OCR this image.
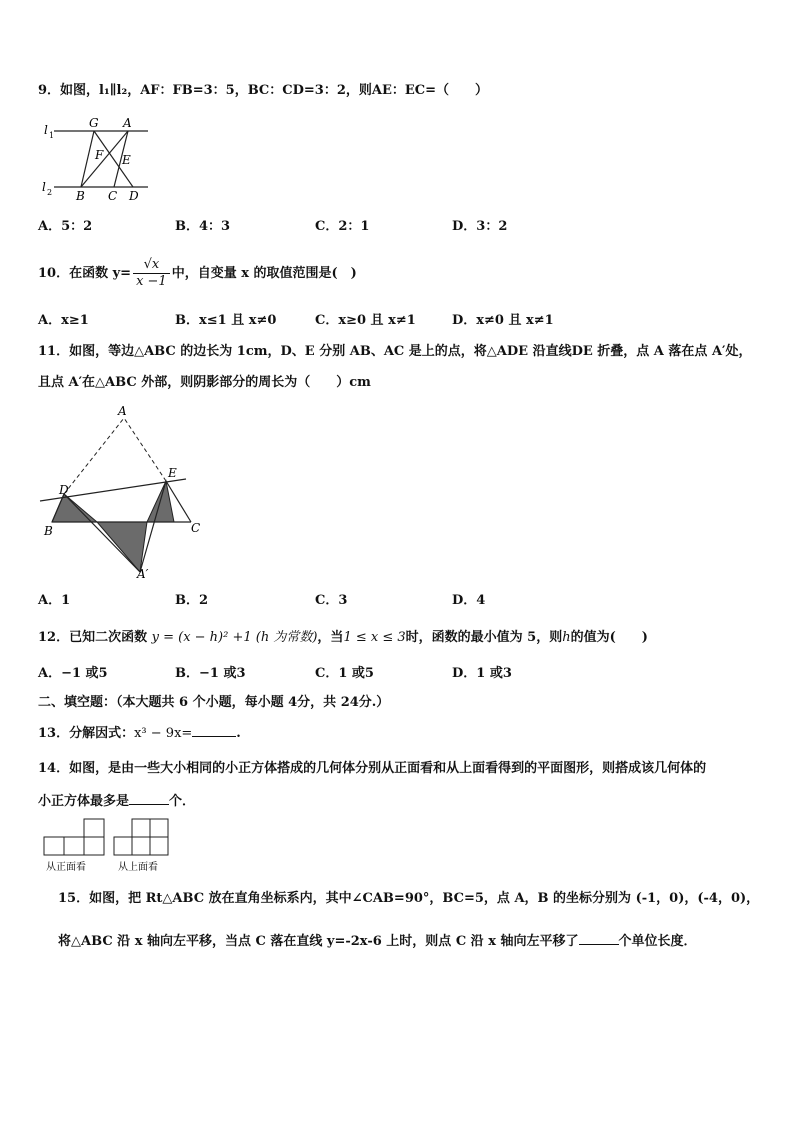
9．如图，l₁∥l₂，AF：FB=3：5，BC：CD=3：2，则AE：EC=（　　）
l 1
l 2
G A
F E
B C D
A．5：2	B．4：3	C．2：1	D．3：2
10．在函数 $y= \frac{√x}{x -1}$ 中，自变量 x 的取值范围是(　)
A．x≥1	B．x≤1 且 x≠0	C．x≥0 且 x≠1	D．x≠0 且 x≠1
11．如图，等边△ABC 的边长为 1cm，D、E 分别 AB、AC 是上的点，将△ADE 沿直线DE 折叠，点 A 落在点 A′处，
且点 A′在△ABC 外部，则阴影部分的周长为（　　）cm
A
E
D
B	C
A′
A．1	B．2	C．3	D．4
12．已知二次函数 y = (x − h)² +1 (h 为常数)，当1 ≤ x ≤ 3时，函数的最小值为 5，则h的值为(　　)
A．−1 或5	B．−1 或3	C．1 或5	D．1 或3
二、填空题：（本大题共 6 个小题，每小题 4分，共 24分.）
13．分解因式：x³ − 9x=	.
14．如图，是由一些大小相同的小正方体搭成的几何体分别从正面看和从上面看得到的平面图形，则搭成该几何体的
小正方体最多是	个．
从正面看	从上面看
15．如图，把 Rt△ABC 放在直角坐标系内，其中∠CAB=90°，BC=5，点 A，B 的坐标分别为 (-1，0)，(-4，0)，
将△ABC 沿 x 轴向左平移，当点 C 落在直线 y=-2x-6 上时，则点 C 沿 x 轴向左平移了	个单位长度．
